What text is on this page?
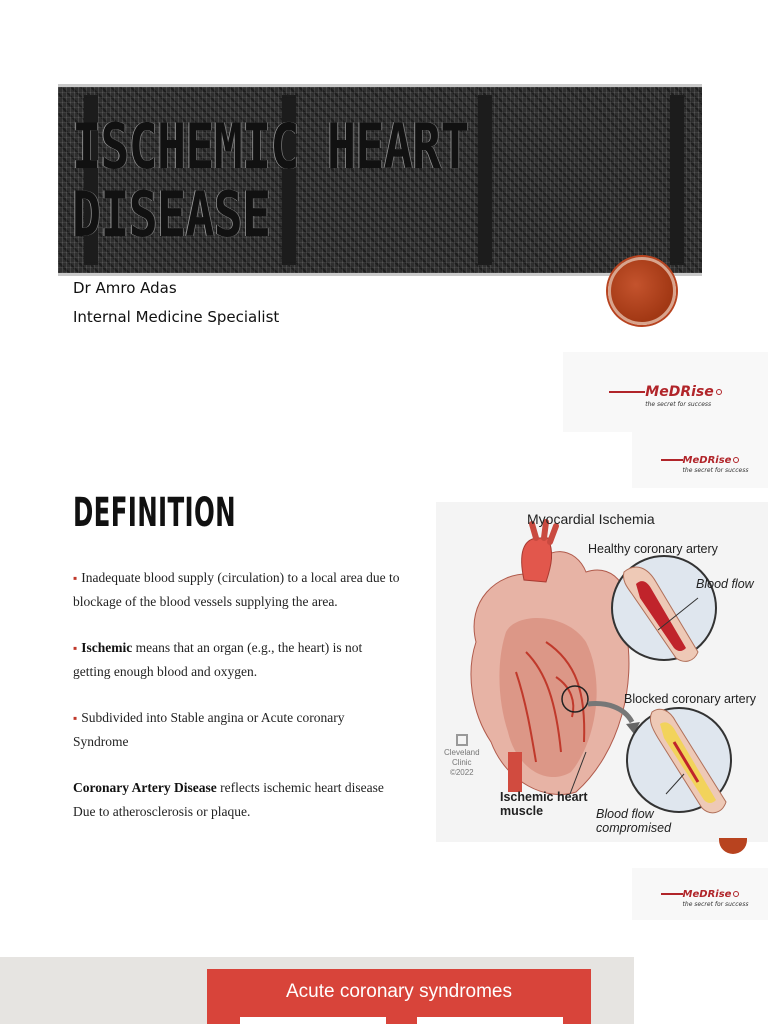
ISCHEMIC HEART DISEASE
Dr Amro Adas
Internal Medicine Specialist
MeDRise
the secret for success
MeDRise
the secret for success
DEFINITION
▪ Inadequate blood supply (circulation) to a local area due to blockage of the blood vessels supplying the area.
▪ Ischemic means that an organ (e.g., the heart) is not getting enough blood and oxygen.
▪ Subdivided into Stable angina or Acute coronary Syndrome
Coronary Artery Disease reflects ischemic heart disease Due to atherosclerosis or plaque.
Myocardial Ischemia
Healthy coronary artery
Blood flow
Blocked coronary artery
Ischemic heart
muscle	Blood flow
compromised
Cleveland
Clinic
©2022
MeDRise
the secret for success
Acute coronary syndromes
